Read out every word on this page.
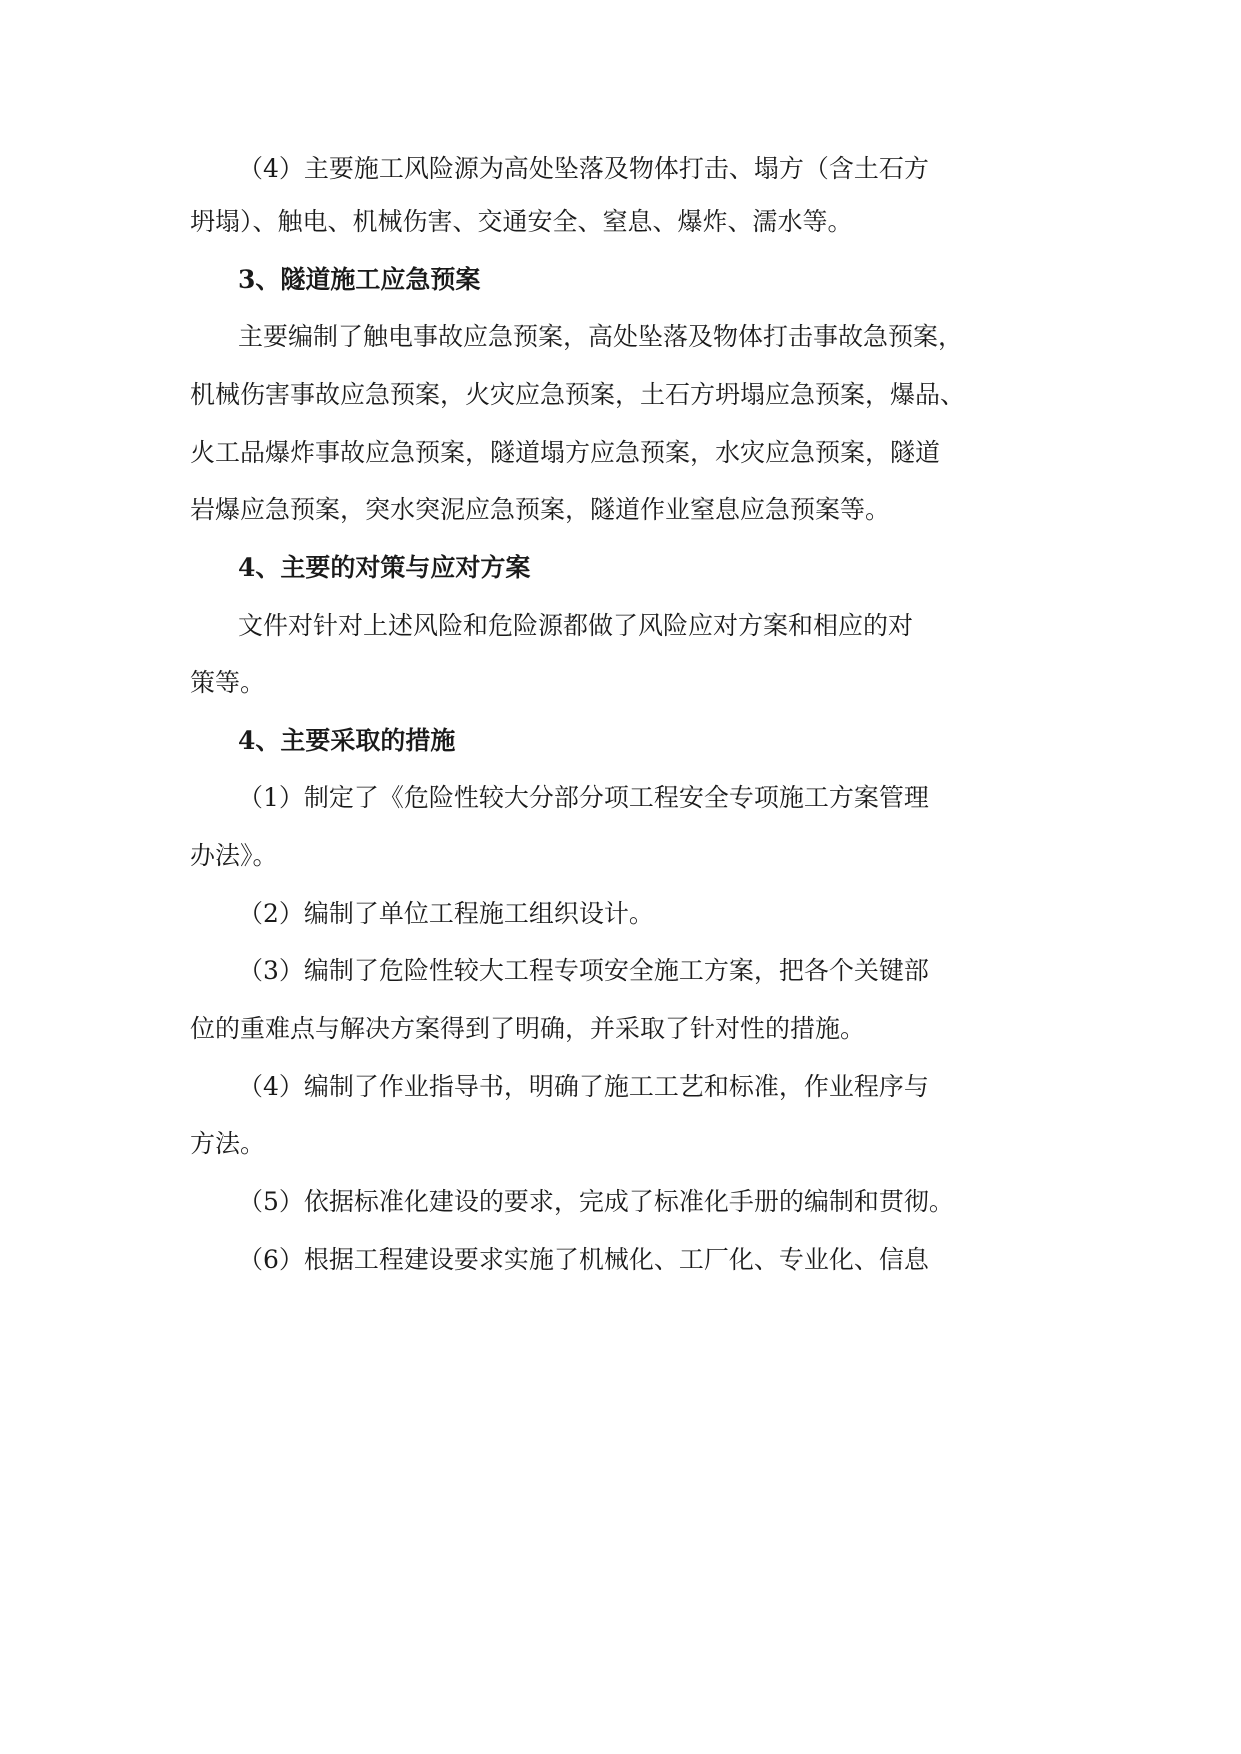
（4）主要施工风险源为高处坠落及物体打击、塌方（含土石方
坍塌）、触电、机械伤害、交通安全、窒息、爆炸、濡水等。
3、隧道施工应急预案
主要编制了触电事故应急预案，高处坠落及物体打击事故急预案，
机械伤害事故应急预案，火灾应急预案，土石方坍塌应急预案，爆品、
火工品爆炸事故应急预案，隧道塌方应急预案，水灾应急预案，隧道
岩爆应急预案，突水突泥应急预案，隧道作业窒息应急预案等。
4、主要的对策与应对方案
文件对针对上述风险和危险源都做了风险应对方案和相应的对
策等。
4、主要采取的措施
（1）制定了《危险性较大分部分项工程安全专项施工方案管理
办法》。
（2）编制了单位工程施工组织设计。
（3）编制了危险性较大工程专项安全施工方案，把各个关键部
位的重难点与解决方案得到了明确，并采取了针对性的措施。
（4）编制了作业指导书，明确了施工工艺和标准，作业程序与
方法。
（5）依据标准化建设的要求，完成了标准化手册的编制和贯彻。
（6）根据工程建设要求实施了机械化、工厂化、专业化、信息
